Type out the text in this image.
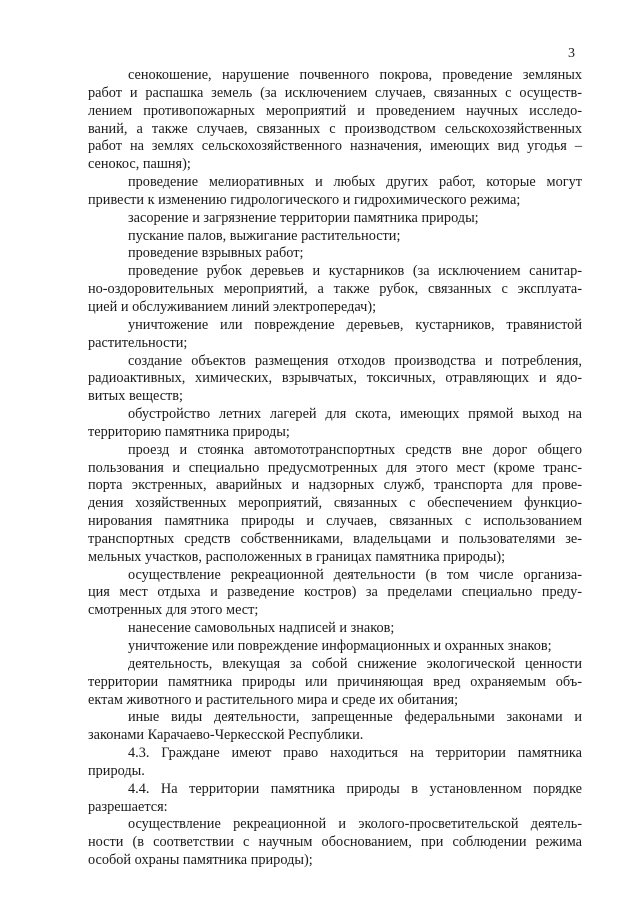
3

сенокошение, нарушение почвенного покрова, проведение земляных
работ и распашка земель (за исключением случаев, связанных с осуществ-
лением противопожарных мероприятий и проведением научных исследо-
ваний, а также случаев, связанных с производством сельскохозяйственных
работ на землях сельскохозяйственного назначения, имеющих вид угодья –
сенокос, пашня);

проведение мелиоративных и любых других работ, которые могут
привести к изменению гидрологического и гидрохимического режима;

засорение и загрязнение территории памятника природы;

пускание палов, выжигание растительности;

проведение взрывных работ;

проведение рубок деревьев и кустарников (за исключением санитар-
но-оздоровительных мероприятий, а также рубок, связанных с эксплуата-
цией и обслуживанием линий электропередач);

уничтожение или повреждение деревьев, кустарников, травянистой
растительности;

создание объектов размещения отходов производства и потребления,
радиоактивных, химических, взрывчатых, токсичных, отравляющих и ядо-
витых веществ;

обустройство летних лагерей для скота, имеющих прямой выход на
территорию памятника природы;

проезд и стоянка автомототранспортных средств вне дорог общего
пользования и специально предусмотренных для этого мест (кроме транс-
порта экстренных, аварийных и надзорных служб, транспорта для прове-
дения хозяйственных мероприятий, связанных с обеспечением функцио-
нирования памятника природы и случаев, связанных с использованием
транспортных средств собственниками, владельцами и пользователями зе-
мельных участков, расположенных в границах памятника природы);

осуществление рекреационной деятельности (в том числе организа-
ция мест отдыха и разведение костров) за пределами специально преду-
смотренных для этого мест;

нанесение самовольных надписей и знаков;

уничтожение или повреждение информационных и охранных знаков;

деятельность, влекущая за собой снижение экологической ценности
территории памятника природы или причиняющая вред охраняемым объ-
ектам животного и растительного мира и среде их обитания;

иные виды деятельности, запрещенные федеральными законами и
законами Карачаево-Черкесской Республики.

4.3. Граждане имеют право находиться на территории памятника
природы.

4.4. На территории памятника природы в установленном порядке
разрешается:

осуществление рекреационной и эколого-просветительской деятель-
ности (в соответствии с научным обоснованием, при соблюдении режима
особой охраны памятника природы);
